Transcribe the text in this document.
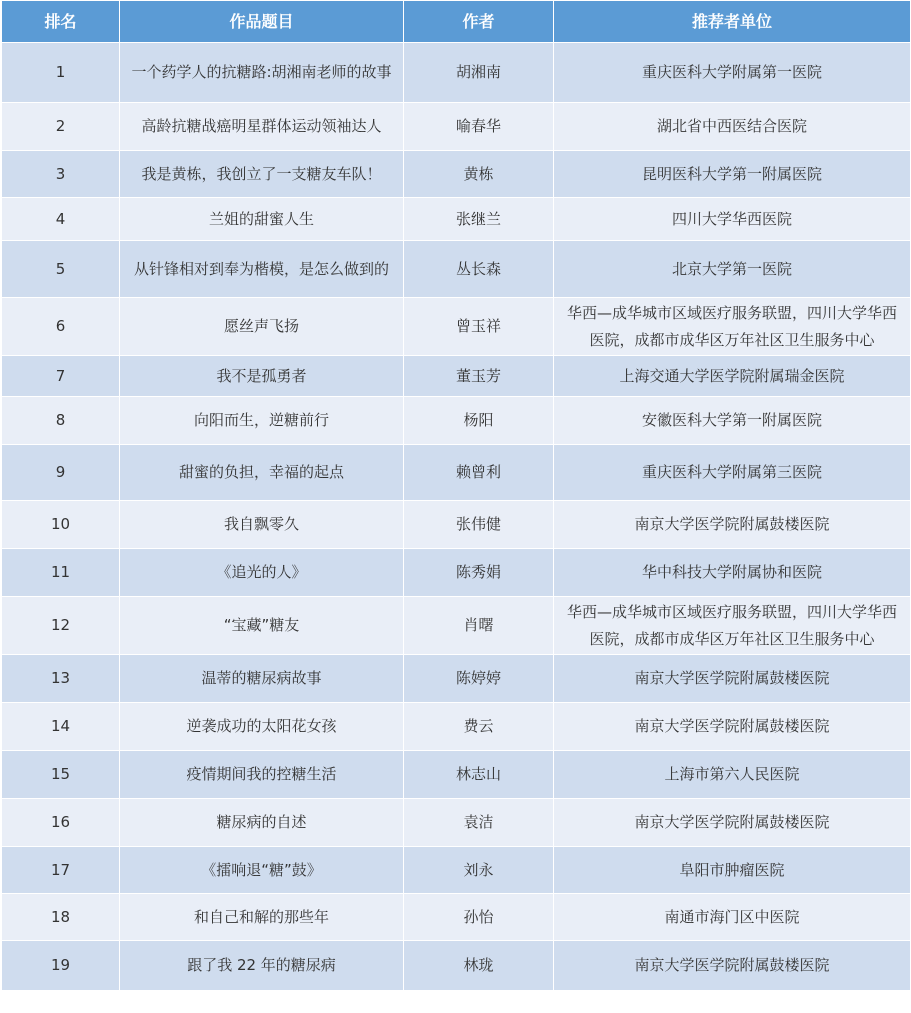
排名	作品题目	作者	推荐者单位
1	一个药学人的抗糖路:胡湘南老师的故事	胡湘南	重庆医科大学附属第一医院
2	高龄抗糖战癌明星群体运动领袖达人	喻春华	湖北省中西医结合医院
3	我是黄栋，我创立了一支糖友车队！	黄栋	昆明医科大学第一附属医院
4	兰姐的甜蜜人生	张继兰	四川大学华西医院
5	从针锋相对到奉为楷模，是怎么做到的	丛长森	北京大学第一医院
6	愿丝声飞扬	曾玉祥	华西—成华城市区域医疗服务联盟，四川大学华西医院，成都市成华区万年社区卫生服务中心
7	我不是孤勇者	董玉芳	上海交通大学医学院附属瑞金医院
8	向阳而生，逆糖前行	杨阳	安徽医科大学第一附属医院
9	甜蜜的负担，幸福的起点	赖曾利	重庆医科大学附属第三医院
10	我自飘零久	张伟健	南京大学医学院附属鼓楼医院
11	《追光的人》	陈秀娟	华中科技大学附属协和医院
12	“宝藏”糖友	肖曙	华西—成华城市区域医疗服务联盟，四川大学华西医院，成都市成华区万年社区卫生服务中心
13	温蒂的糖尿病故事	陈婷婷	南京大学医学院附属鼓楼医院
14	逆袭成功的太阳花女孩	费云	南京大学医学院附属鼓楼医院
15	疫情期间我的控糖生活	林志山	上海市第六人民医院
16	糖尿病的自述	袁洁	南京大学医学院附属鼓楼医院
17	《擂响退“糖”鼓》	刘永	阜阳市肿瘤医院
18	和自己和解的那些年	孙怡	南通市海门区中医院
19	跟了我 22 年的糖尿病	林珑	南京大学医学院附属鼓楼医院
